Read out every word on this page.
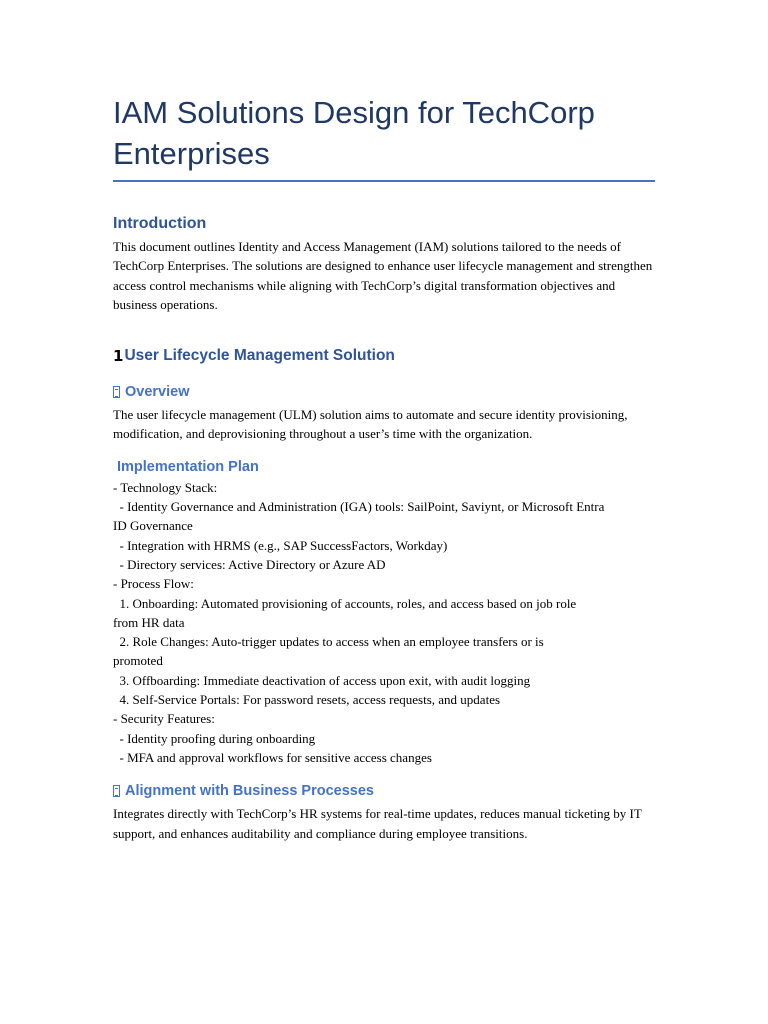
IAM Solutions Design for TechCorp
Enterprises
Introduction

This document outlines Identity and Access Management (IAM) solutions tailored to the needs of TechCorp Enterprises. The solutions are designed to enhance user lifecycle management and strengthen access control mechanisms while aligning with TechCorp’s digital transformation objectives and business operations.

1 User Lifecycle Management Solution
Overview

The user lifecycle management (ULM) solution aims to automate and secure identity provisioning, modification, and deprovisioning throughout a user’s time with the organization.

Implementation Plan

- Technology Stack:

- Identity Governance and Administration (IGA) tools: SailPoint, Saviynt, or Microsoft Entra

ID Governance

- Integration with HRMS (e.g., SAP SuccessFactors, Workday)

- Directory services: Active Directory or Azure AD

- Process Flow:

1. Onboarding: Automated provisioning of accounts, roles, and access based on job role

from HR data

2. Role Changes: Auto-trigger updates to access when an employee transfers or is

promoted

3. Offboarding: Immediate deactivation of access upon exit, with audit logging

4. Self-Service Portals: For password resets, access requests, and updates

- Security Features:

- Identity proofing during onboarding

- MFA and approval workflows for sensitive access changes

Alignment with Business Processes

Integrates directly with TechCorp’s HR systems for real-time updates, reduces manual ticketing by IT support, and enhances auditability and compliance during employee transitions.
